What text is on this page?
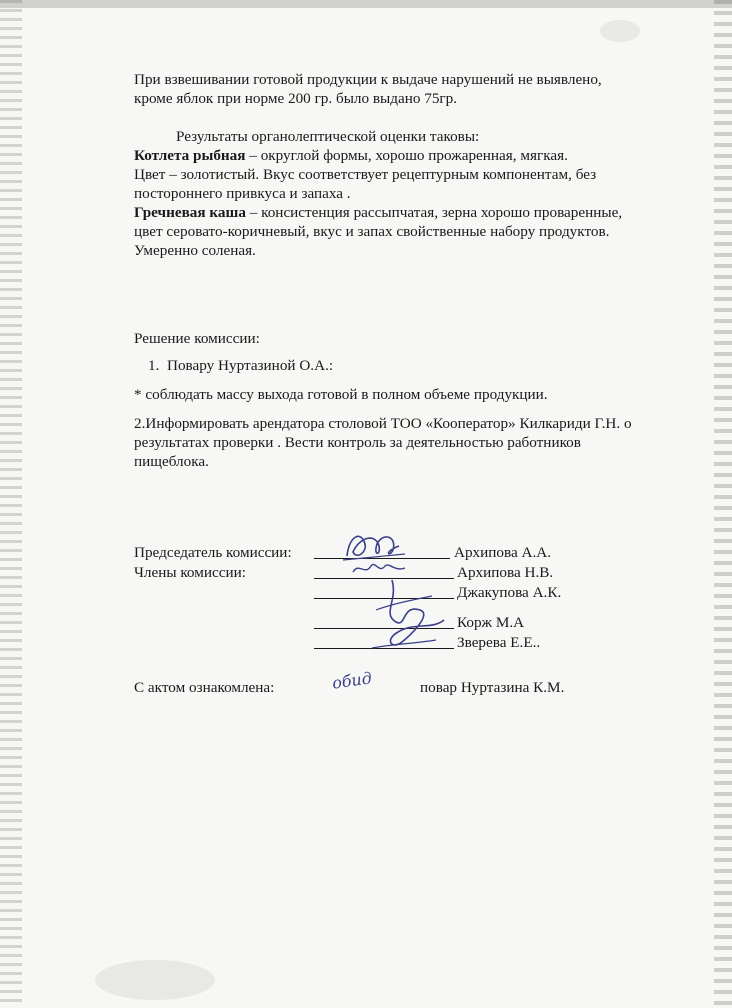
При взвешивании готовой продукции к выдаче нарушений не выявлено,

кроме яблок при норме 200 гр. было выдано 75гр.

Результаты органолептической оценки таковы:

Котлета рыбная – округлой формы, хорошо прожаренная, мягкая.

Цвет – золотистый. Вкус соответствует рецептурным компонентам, без

постороннего привкуса и запаха .

Гречневая каша – консистенция рассыпчатая, зерна хорошо проваренные,

цвет серовато-коричневый, вкус и запах свойственные набору продуктов.

Умеренно соленая.

Решение комиссии:

1. Повару Нуртазиной О.А.:

* соблюдать массу выхода готовой в полном объеме продукции.

2.Информировать арендатора столовой ТОО «Кооператор» Килкариди Г.Н. о

результатах проверки . Вести контроль за деятельностью работников

пищеблока.

Председатель комиссии:	Архипова А.А.
Члены комиссии:	Архипова Н.В.
Джакупова А.К.
Корж М.А
Зверева Е.Е..
С актом ознакомлена:	обид	повар Нуртазина К.М.
